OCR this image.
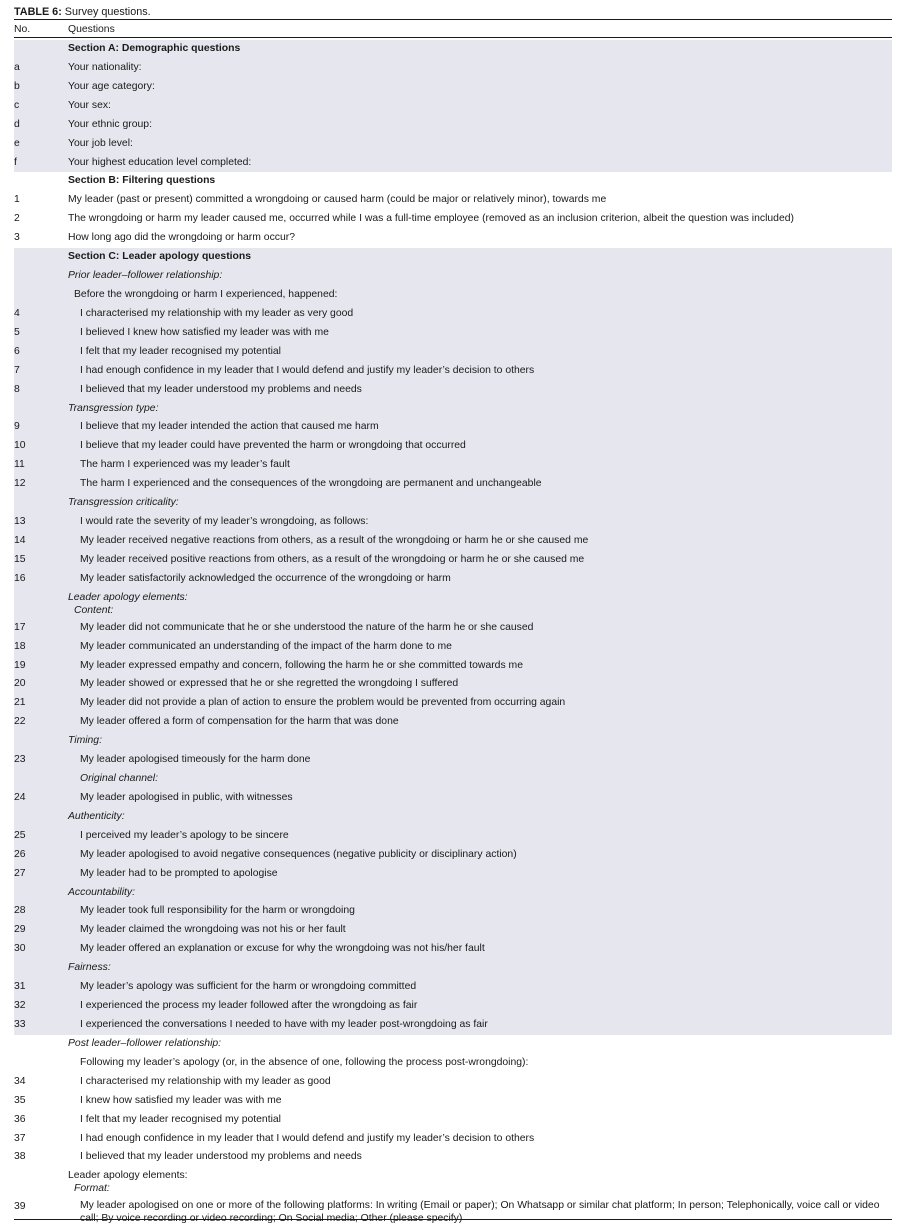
TABLE 6: Survey questions.
No.	Questions
Section A: Demographic questions
a	Your nationality:
b	Your age category:
c	Your sex:
d	Your ethnic group:
e	Your job level:
f	Your highest education level completed:
Section B: Filtering questions
1	My leader (past or present) committed a wrongdoing or caused harm (could be major or relatively minor), towards me
2	The wrongdoing or harm my leader caused me, occurred while I was a full-time employee (removed as an inclusion criterion, albeit the question was included)
3	How long ago did the wrongdoing or harm occur?
Section C: Leader apology questions
Prior leader–follower relationship:
Before the wrongdoing or harm I experienced, happened:
4	I characterised my relationship with my leader as very good
5	I believed I knew how satisfied my leader was with me
6	I felt that my leader recognised my potential
7	I had enough confidence in my leader that I would defend and justify my leader’s decision to others
8	I believed that my leader understood my problems and needs
Transgression type:
9	I believe that my leader intended the action that caused me harm
10	I believe that my leader could have prevented the harm or wrongdoing that occurred
11	The harm I experienced was my leader’s fault
12	The harm I experienced and the consequences of the wrongdoing are permanent and unchangeable
Transgression criticality:
13	I would rate the severity of my leader’s wrongdoing, as follows:
14	My leader received negative reactions from others, as a result of the wrongdoing or harm he or she caused me
15	My leader received positive reactions from others, as a result of the wrongdoing or harm he or she caused me
16	My leader satisfactorily acknowledged the occurrence of the wrongdoing or harm
Leader apology elements:
Content:
17	My leader did not communicate that he or she understood the nature of the harm he or she caused
18	My leader communicated an understanding of the impact of the harm done to me
19	My leader expressed empathy and concern, following the harm he or she committed towards me
20	My leader showed or expressed that he or she regretted the wrongdoing I suffered
21	My leader did not provide a plan of action to ensure the problem would be prevented from occurring again
22	My leader offered a form of compensation for the harm that was done
Timing:
23	My leader apologised timeously for the harm done
Original channel:
24	My leader apologised in public, with witnesses
Authenticity:
25	I perceived my leader’s apology to be sincere
26	My leader apologised to avoid negative consequences (negative publicity or disciplinary action)
27	My leader had to be prompted to apologise
Accountability:
28	My leader took full responsibility for the harm or wrongdoing
29	My leader claimed the wrongdoing was not his or her fault
30	My leader offered an explanation or excuse for why the wrongdoing was not his/her fault
Fairness:
31	My leader’s apology was sufficient for the harm or wrongdoing committed
32	I experienced the process my leader followed after the wrongdoing as fair
33	I experienced the conversations I needed to have with my leader post-wrongdoing as fair
Post leader–follower relationship:
Following my leader’s apology (or, in the absence of one, following the process post-wrongdoing):
34	I characterised my relationship with my leader as good
35	I knew how satisfied my leader was with me
36	I felt that my leader recognised my potential
37	I had enough confidence in my leader that I would defend and justify my leader’s decision to others
38	I believed that my leader understood my problems and needs
Leader apology elements:
Format:
39	My leader apologised on one or more of the following platforms: In writing (Email or paper); On Whatsapp or similar chat platform; In person; Telephonically, voice call or video
